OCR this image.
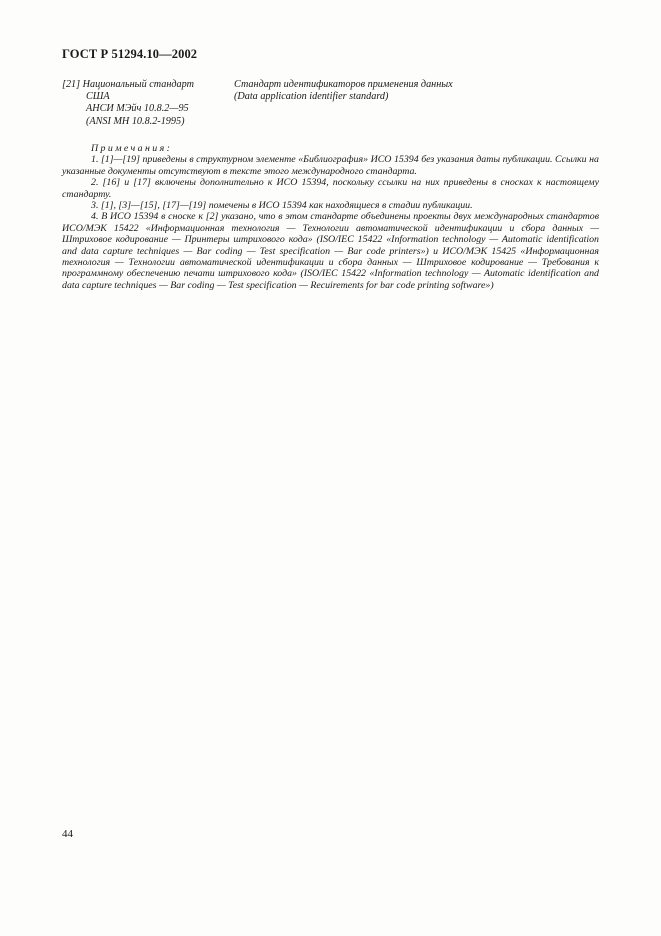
ГОСТ Р 51294.10—2002
[21] Национальный стандарт
США
АНСИ МЭйч 10.8.2—95
(ANSI MH 10.8.2-1995)
Стандарт идентификаторов применения данных
(Data application identifier standard)

Примечания:

1. [1]—[19] приведены в структурном элементе «Библиография» ИСО 15394 без указания даты публикации. Ссылки на указанные документы отсутствуют в тексте этого международного стандарта.

2. [16] и [17] включены дополнительно к ИСО 15394, поскольку ссылки на них приведены в сносках к настоящему стандарту.

3. [1], [3]—[15], [17]—[19] помечены в ИСО 15394 как находящиеся в стадии публикации.

4. В ИСО 15394 в сноске к [2] указано, что в этом стандарте объединены проекты двух международных стандартов ИСО/МЭК 15422 «Информационная технология — Технологии автоматической идентификации и сбора данных — Штриховое кодирование — Принтеры штрихового кода» (ISO/IEC 15422 «Information technology — Automatic identification and data capture techniques — Bar coding — Test specification — Bar code printers») и ИСО/МЭК 15425 «Информационная технология — Технологии автоматической идентификации и сбора данных — Штриховое кодирование — Требования к программному обеспечению печати штрихового кода» (ISO/IEC 15422 «Information technology — Automatic identification and data capture techniques — Bar coding — Test specification — Recuirements for bar code printing software»)

44
